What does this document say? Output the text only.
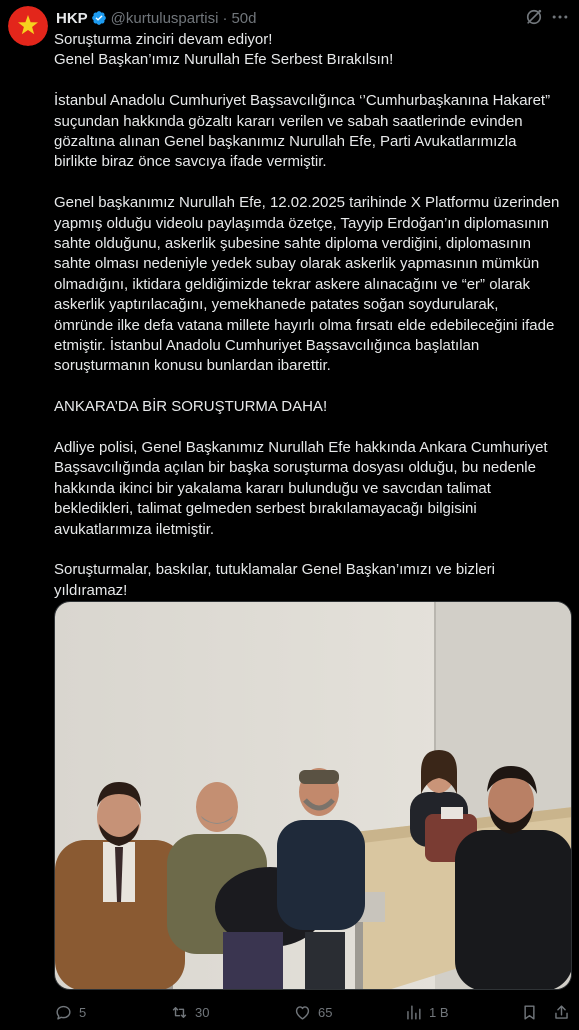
HKP @kurtuluspartisi · 50d

Soruşturma zinciri devam ediyor!

Genel Başkan’ımız Nurullah Efe Serbest Bırakılsın!

İstanbul Anadolu Cumhuriyet Başsavcılığınca ‘’Cumhurbaşkanına Hakaret”

suçundan hakkında gözaltı kararı verilen ve sabah saatlerinde evinden

gözaltına alınan Genel başkanımız Nurullah Efe, Parti Avukatlarımızla

birlikte biraz önce savcıya ifade vermiştir.

Genel başkanımız Nurullah Efe, 12.02.2025 tarihinde X Platformu üzerinden

yapmış olduğu videolu paylaşımda özetçe, Tayyip Erdoğan’ın diplomasının

sahte olduğunu, askerlik şubesine sahte diploma verdiğini, diplomasının

sahte olması nedeniyle yedek subay olarak askerlik yapmasının mümkün

olmadığını, iktidara geldiğimizde tekrar askere alınacağını ve “er” olarak

askerlik yaptırılacağını, yemekhanede patates soğan soydurularak,

ömründe ilke defa vatana millete hayırlı olma fırsatı elde edebileceğini ifade

etmiştir. İstanbul Anadolu Cumhuriyet Başsavcılığınca başlatılan

soruşturmanın konusu bunlardan ibarettir.

ANKARA’DA BİR SORUŞTURMA DAHA!

Adliye polisi, Genel Başkanımız Nurullah Efe hakkında Ankara Cumhuriyet

Başsavcılığında açılan bir başka soruşturma dosyası olduğu, bu nedenle

hakkında ikinci bir yakalama kararı bulunduğu ve savcıdan talimat

bekledikleri, talimat gelmeden serbest bırakılamayacağı bilgisini

avukatlarımıza iletmiştir.

Soruşturmalar, baskılar, tutuklamalar Genel Başkan’ımızı ve bizleri

yıldıramaz!

5	30	65	1 B
